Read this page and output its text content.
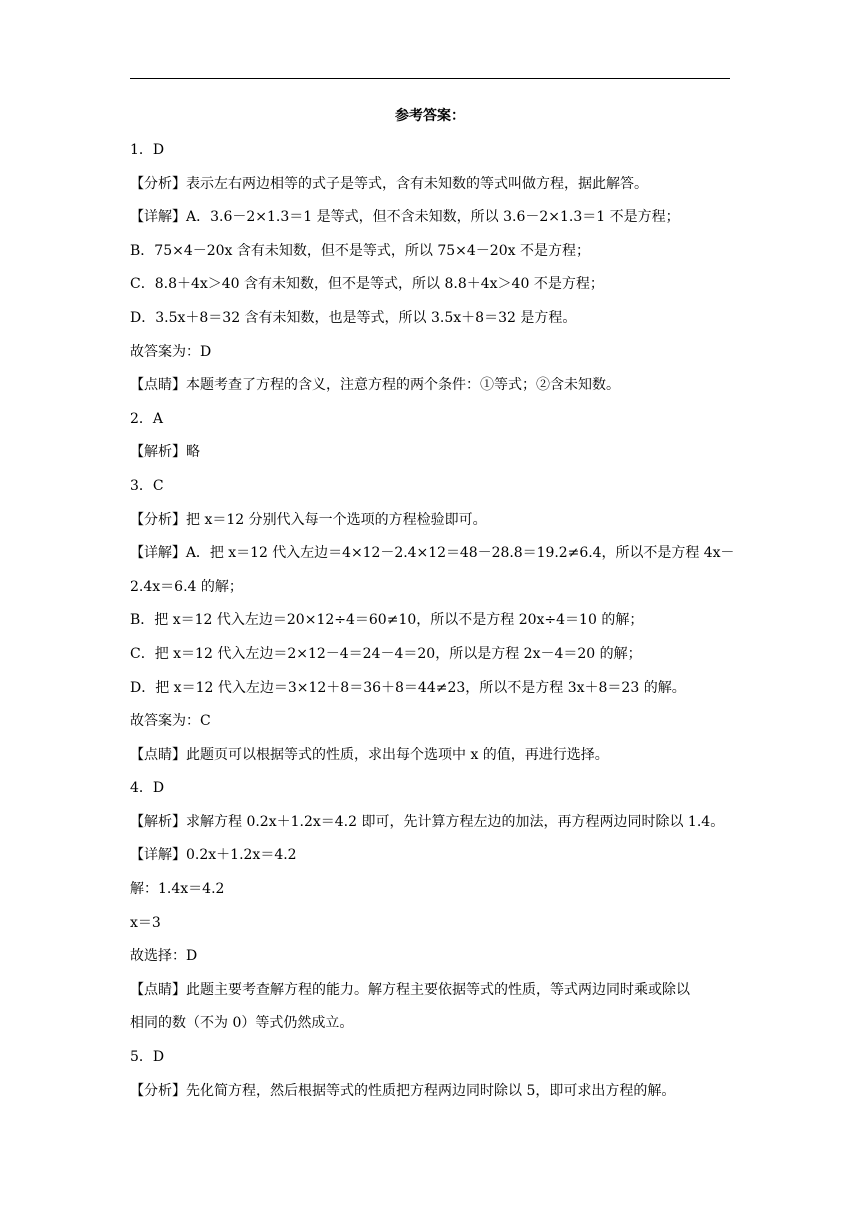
参考答案：
1．D
【分析】表示左右两边相等的式子是等式，含有未知数的等式叫做方程，据此解答。
【详解】A．3.6－2×1.3＝1 是等式，但不含未知数，所以 3.6－2×1.3＝1 不是方程；
B．75×4－20x 含有未知数，但不是等式，所以 75×4－20x 不是方程；
C．8.8＋4x＞40 含有未知数，但不是等式，所以 8.8＋4x＞40 不是方程；
D．3.5x＋8＝32 含有未知数，也是等式，所以 3.5x＋8＝32 是方程。
故答案为：D
【点睛】本题考查了方程的含义，注意方程的两个条件：①等式；②含未知数。
2．A
【解析】略
3．C
【分析】把 x＝12 分别代入每一个选项的方程检验即可。
【详解】A．把 x＝12 代入左边＝4×12－2.4×12＝48－28.8＝19.2≠6.4，所以不是方程 4x－
2.4x＝6.4 的解；
B．把 x＝12 代入左边＝20×12÷4＝60≠10，所以不是方程 20x÷4＝10 的解；
C．把 x＝12 代入左边＝2×12－4＝24－4＝20，所以是方程 2x－4＝20 的解；
D．把 x＝12 代入左边＝3×12＋8＝36＋8＝44≠23，所以不是方程 3x＋8＝23 的解。
故答案为：C
【点睛】此题页可以根据等式的性质，求出每个选项中 x 的值，再进行选择。
4．D
【解析】求解方程 0.2x＋1.2x＝4.2 即可，先计算方程左边的加法，再方程两边同时除以 1.4。
【详解】0.2x＋1.2x＝4.2
解：1.4x＝4.2
x＝3
故选择：D
【点睛】此题主要考查解方程的能力。解方程主要依据等式的性质，等式两边同时乘或除以
相同的数（不为 0）等式仍然成立。
5．D
【分析】先化简方程，然后根据等式的性质把方程两边同时除以 5，即可求出方程的解。
